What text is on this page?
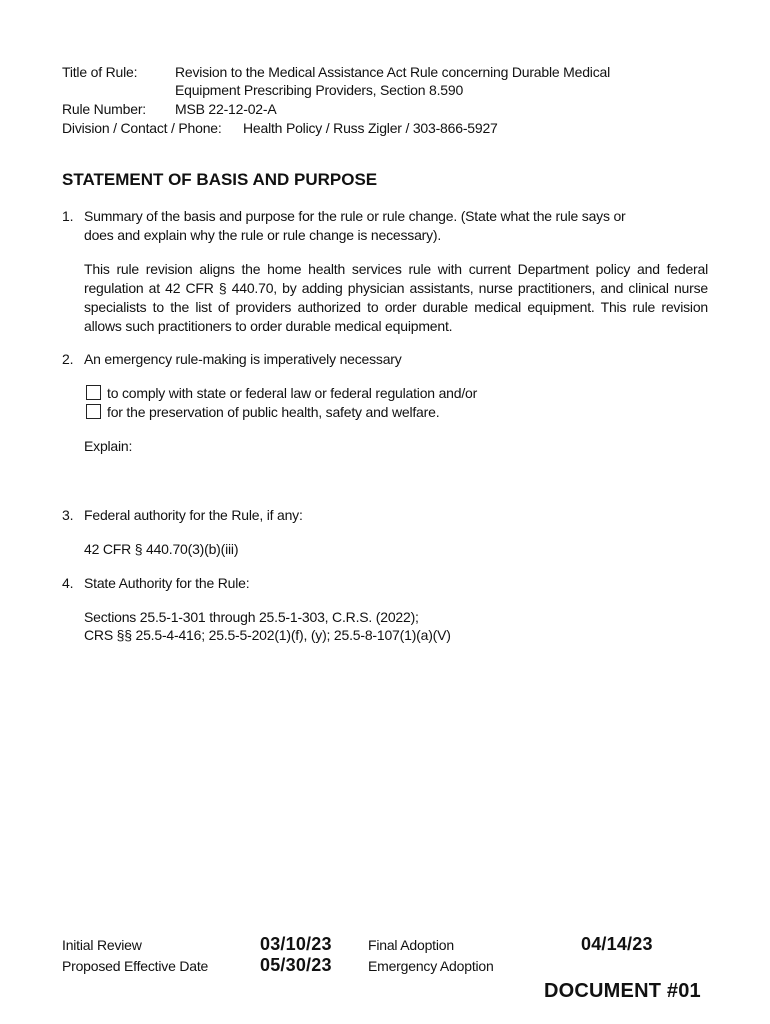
Title of Rule:	Revision to the Medical Assistance Act Rule concerning Durable Medical
Equipment Prescribing Providers, Section 8.590
Rule Number: MSB 22-12-02-A
Division / Contact / Phone: Health Policy / Russ Zigler / 303-866-5927
STATEMENT OF BASIS AND PURPOSE
1. Summary of the basis and purpose for the rule or rule change. (State what the rule says or
does and explain why the rule or rule change is necessary).
This rule revision aligns the home health services rule with current Department policy and federal regulation at 42 CFR § 440.70, by adding physician assistants, nurse practitioners, and clinical nurse specialists to the list of providers authorized to order durable medical equipment. This rule revision allows such practitioners to order durable medical equipment.
2. An emergency rule-making is imperatively necessary
to comply with state or federal law or federal regulation and/or
for the preservation of public health, safety and welfare.
Explain:
3. Federal authority for the Rule, if any:
42 CFR § 440.70(3)(b)(iii)
4. State Authority for the Rule:
Sections 25.5-1-301 through 25.5-1-303, C.R.S. (2022);
CRS §§ 25.5-4-416; 25.5-5-202(1)(f), (y); 25.5-8-107(1)(a)(V)
Initial Review	03/10/23	Final Adoption	04/14/23
Proposed Effective Date	05/30/23	Emergency Adoption
DOCUMENT #01
